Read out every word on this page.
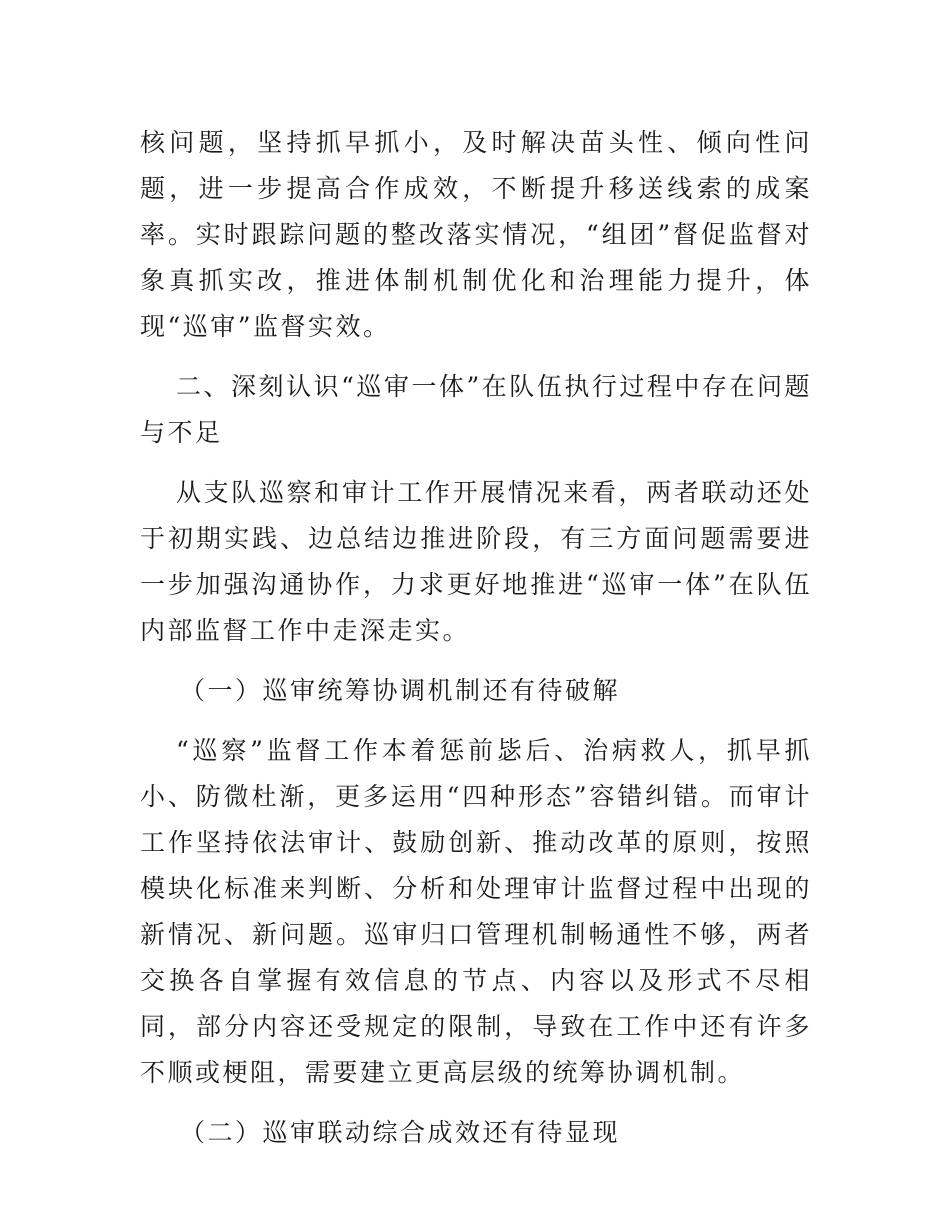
核问题，坚持抓早抓小，及时解决苗头性、倾向性问题，进一步提高合作成效，不断提升移送线索的成案率。实时跟踪问题的整改落实情况，“组团”督促监督对象真抓实改，推进体制机制优化和治理能力提升，体现“巡审”监督实效。

二、深刻认识“巡审一体”在队伍执行过程中存在问题与不足

从支队巡察和审计工作开展情况来看，两者联动还处于初期实践、边总结边推进阶段，有三方面问题需要进一步加强沟通协作，力求更好地推进“巡审一体”在队伍内部监督工作中走深走实。

（一）巡审统筹协调机制还有待破解

“巡察”监督工作本着惩前毖后、治病救人，抓早抓小、防微杜渐，更多运用“四种形态”容错纠错。而审计工作坚持依法审计、鼓励创新、推动改革的原则，按照模块化标准来判断、分析和处理审计监督过程中出现的新情况、新问题。巡审归口管理机制畅通性不够，两者交换各自掌握有效信息的节点、内容以及形式不尽相同，部分内容还受规定的限制，导致在工作中还有许多不顺或梗阻，需要建立更高层级的统筹协调机制。

（二）巡审联动综合成效还有待显现
